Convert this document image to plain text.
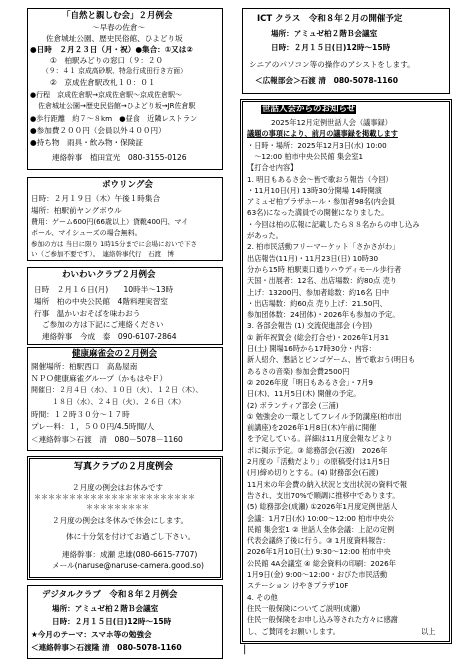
「自然と親しむ会」２月例会
～早春の佐倉～
佐倉城址公園、歴史民俗館、ひよどり坂
●日時　２月２３日（月・祝）●集合：①又は②
①　柏駅みどりの窓口（９：２０
（９：４１ 京成高砂駅、特急行成田行き方面）
②　京成佐倉駅改札１０：０１
●行程　京成佐倉駅→京成佐倉駅～京成佐倉駅～
佐倉城址公園→歴史民俗館→ひよどり坂→JR佐倉駅
●歩行距離　約７～８km　●昼食　近隣レストラン
●参加費２００円（会員以外４００円）
●持ち物　雨具・飲み物・保険証
連絡幹事　植田宣光　080-3155-0126
ICT クラス　令和８年２月の開催予定
場所：アミュゼ柏２階Ｂ会議室
日時：２月１５日(日)12時～15時
シニアのパソコン等の操作のアシストをします。
＜広報部会＞石渡 清　080-5078-1160
ボウリング会
日時：２月１９日（木）午後１時集合
場所：柏駅前ヤングボウル
費用：ゲーム600円(66歳以上）貸靴400円、マイ
ボール、マイシューズの場合無料。
参加の方は 当日に限り 1時15分までに会場においで下さ
い（ご参加不要です）。　連絡幹事代行　石渡　博
わいわいクラブ２月例会
日時　２月１６日(月)　　10時半～13時
場所　柏の中央公民館　4階料理実習室
行事　温かいおそばを味わおう
ご参加の方は下記にご連絡ください
連絡幹事　今成　泰　090-6107-2864
健康麻雀会の２月例会
開催場所：柏駅西口　高島屋南
ＮＰＯ健康麻雀グループ（かもはやＦ）
開催日：２月４日（水）、１０日（火）、１２日（木）、
１８日（水）、２４日（火）、２６日（木）
時間：１２時３０分～１７時
プレー料：１，５００円/4.5時間/人
＜連絡幹事＞石渡　清　080－5078－1160
写真クラブの２月度例会
２月度の例会はお休みです
＊＊＊＊＊＊＊＊＊＊＊＊＊＊＊＊＊＊＊＊＊＊＊
＊＊＊＊＊＊＊＊＊
２月度の例会は冬休みで休会にします。
体に十分気を付けてお過ごし下さい。
連絡幹事：成瀬 忠雄(080-6615-7707)
メール(naruse@naruse-camera.good.so)
デジタルクラブ　令和８年２月例会
場所：アミュゼ柏２階Ｂ会議室
日時：２月１５日(日)12時～15時
★今月のテーマ：スマホ等の勉強会
＜連絡幹事＞石渡隆 清　080-5078-1160
世話人会からのお知らせ
2025年12月定例世話人会（議事録）
議題の事項により、前月の議事録を掲載します
・日時・場所：2025年12月3日(水) 10:00
　～12:00 柏市中央公民館 集会室1
【打合せ内容】
1. 明日もあるさ会～皆で歌おう報告（今回）
・11月10日(月) 13時30分開場 14時開演
アミュゼ柏プラザホール・参加者98名(内会員
63名)になった満員での開催になりました。
・今回は柏の広報に記載したら８８名からの申し込み
があった。
2. 柏市民活動フリーマーケット「さかさがわ」
出店報告(11月)・11月23日(日) 10時30
分から15時 柏駅東口通りハウディモール歩行者
天国・出展者：12名、出店場数：約80点 売り
上げ：13200円、参加者総数：約16名 日中
・出店場数：約60点 売り上げ：21.50円、
参加団体数：24団体)・2026年も参加の予定。
3. 各部会報告 (1) 交流促進部会 (今回)
① 新年祝賀会 (総会打合せ)・2026年1月31
日(土) 開場16時から17時30分・内容：
新人紹介、懇話とビンゴゲーム、皆で歌おう(明日も
あるさの音楽) 参加会費2500円
② 2026年度「明日もあるさ会」・7月9
日(木)、11月5日(木) 開催の予定。
(2) ボランティア部会 (三浦)
① 勉強会の一環としてフレイル予防講座(柏市出
前講座)を2026年1月8日(木)午前に開催
を予定している。詳細は11月度会報などより
ポに掲示予定。③ 総務部会(石渡)　2026年
2月度の「活動だより」の原稿受付は1月5日
(月)締め切りとする。(4) 財務部会(石渡)
11月末の年会費の納入状況と支出状況の資料で報
告され、支出70%で順調に推移中であります。
(5) 総務部会(成瀬) ①2026年1月度定例世話人
会議：1月7日(水) 10:00～12:00 柏市中央公
民館 集会室1 ② 世話人全体会議：上記の定例
代表会議終了後に行う。③ 1月度資料報告：
2026年1月10日(土) 9:30～12:00 柏市中央
公民館 4A会議室 ④ 総会資料の印刷：2026年
1月9日(金) 9:00～12:00・おびた市民活動
ステーション けやきプラザ10F
4. その他
住民一般保険についてご説明(成瀬)
住民一般保険をお申し込み等された方々に感謝
し、ご賛同をお願いします。	以上
|
